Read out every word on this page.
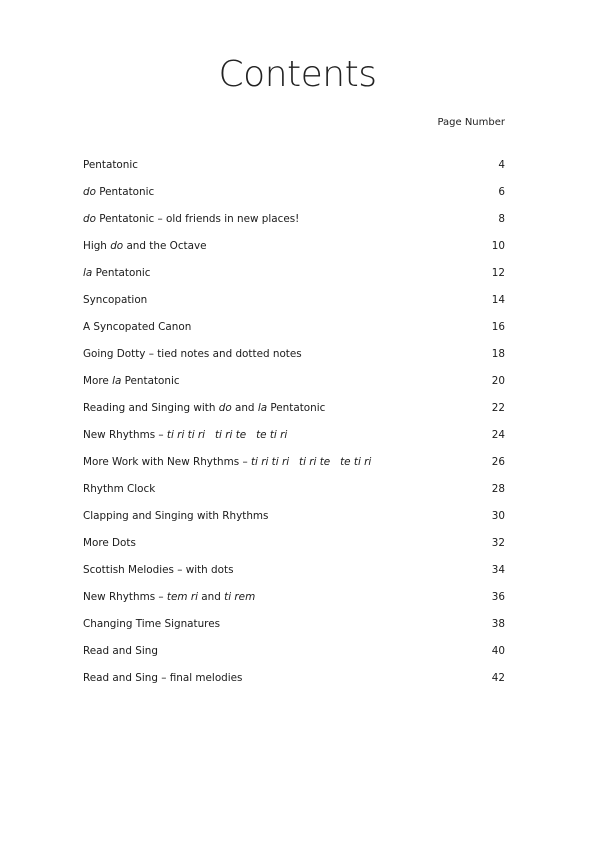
Contents
Page Number
Pentatonic	4
do Pentatonic	6
do Pentatonic – old friends in new places!	8
High do and the Octave	10
la Pentatonic	12
Syncopation	14
A Syncopated Canon	16
Going Dotty – tied notes and dotted notes	18
More la Pentatonic	20
Reading and Singing with do and la Pentatonic	22
New Rhythms – ti ri ti ri   ti ri te   te ti ri	24
More Work with New Rhythms – ti ri ti ri   ti ri te   te ti ri	26
Rhythm Clock	28
Clapping and Singing with Rhythms	30
More Dots	32
Scottish Melodies – with dots	34
New Rhythms – tem ri and ti rem	36
Changing Time Signatures	38
Read and Sing	40
Read and Sing – final melodies	42
